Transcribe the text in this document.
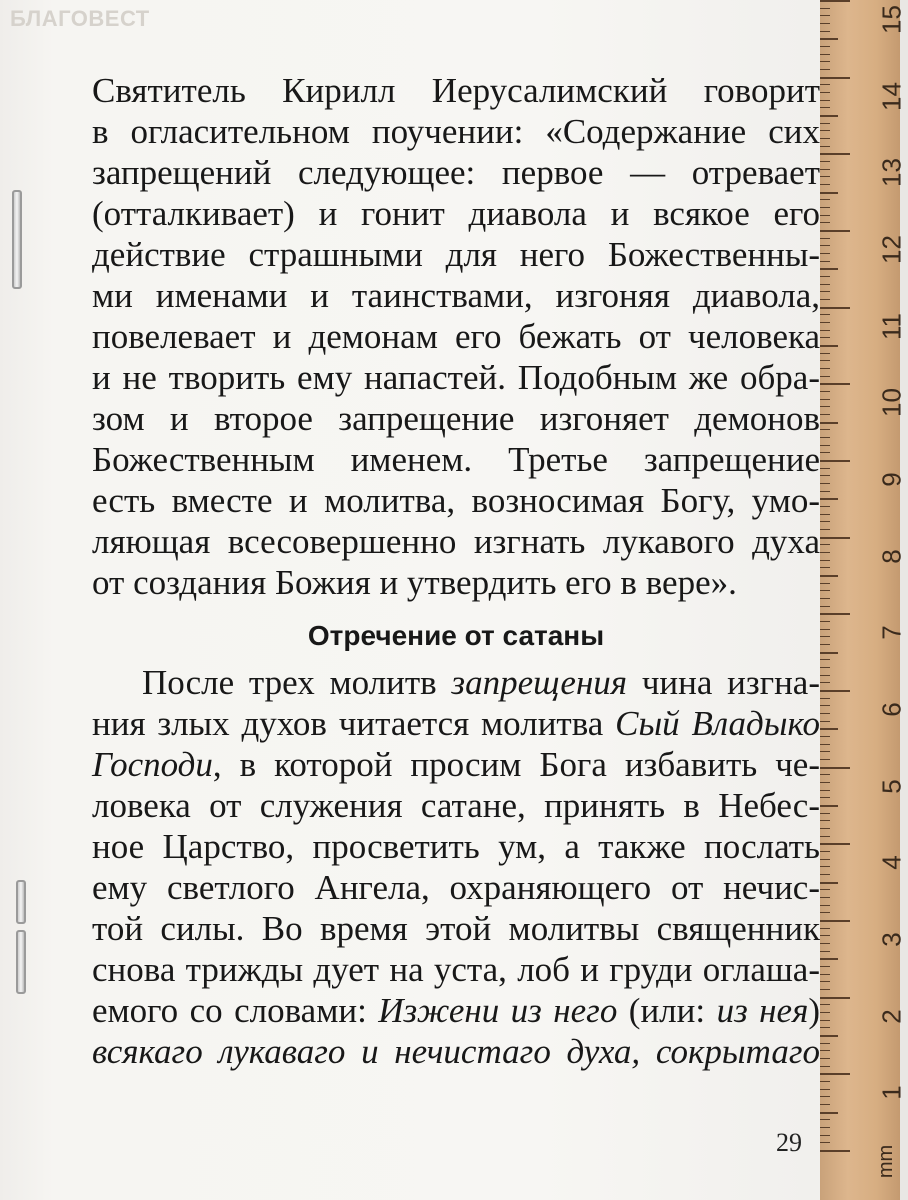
БЛАГОВЕСТ
Святитель Кирилл Иерусалимский говорит
в огласительном поучении: «Содержание сих
запрещений следующее: первое — отревает
(отталкивает) и гонит диавола и всякое его
действие страшными для него Божественны-
ми именами и таинствами, изгоняя диавола,
повелевает и демонам его бежать от человека
и не творить ему напастей. Подобным же обра-
зом и второе запрещение изгоняет демонов
Божественным именем. Третье запрещение
есть вместе и молитва, возносимая Богу, умо-
ляющая всесовершенно изгнать лукавого духа
от создания Божия и утвердить его в вере».
Отречение от сатаны
После трех молитв запрещения чина изгна-
ния злых духов читается молитва Сый Владыко
Господи, в которой просим Бога избавить че-
ловека от служения сатане, принять в Небес-
ное Царство, просветить ум, а также послать
ему светлого Ангела, охраняющего от нечис-
той силы. Во время этой молитвы священник
снова трижды дует на уста, лоб и груди оглаша-
емого со словами: Изжени из него (или: из нея)
всякаго лукаваго и нечистаго духа, сокрытаго
29
mm
15
14
13
12
11
10
9
8
7
6
5
4
3
2
1
